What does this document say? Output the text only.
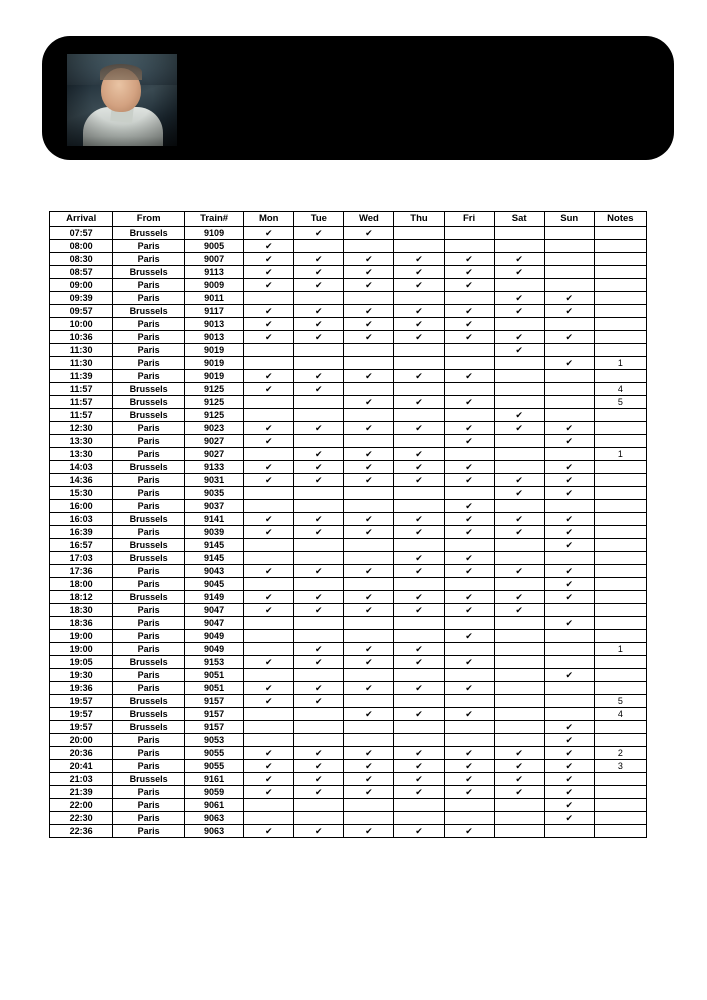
Arrival	From	Train#	Mon	Tue	Wed	Thu	Fri	Sat	Sun	Notes
07:57	Brussels	9109	✔	✔	✔					
08:00	Paris	9005	✔							
08:30	Paris	9007	✔	✔	✔	✔	✔	✔		
08:57	Brussels	9113	✔	✔	✔	✔	✔	✔		
09:00	Paris	9009	✔	✔	✔	✔	✔			
09:39	Paris	9011						✔	✔	
09:57	Brussels	9117	✔	✔	✔	✔	✔	✔	✔	
10:00	Paris	9013	✔	✔	✔	✔	✔			
10:36	Paris	9013	✔	✔	✔	✔	✔	✔	✔	
11:30	Paris	9019						✔		
11:30	Paris	9019							✔	1
11:39	Paris	9019	✔	✔	✔	✔	✔			
11:57	Brussels	9125	✔	✔						4
11:57	Brussels	9125			✔	✔	✔			5
11:57	Brussels	9125						✔		
12:30	Paris	9023	✔	✔	✔	✔	✔	✔	✔	
13:30	Paris	9027	✔				✔		✔	
13:30	Paris	9027		✔	✔	✔				1
14:03	Brussels	9133	✔	✔	✔	✔	✔		✔	
14:36	Paris	9031	✔	✔	✔	✔	✔	✔	✔	
15:30	Paris	9035						✔	✔	
16:00	Paris	9037					✔			
16:03	Brussels	9141	✔	✔	✔	✔	✔	✔	✔	
16:39	Paris	9039	✔	✔	✔	✔	✔	✔	✔	
16:57	Brussels	9145							✔	
17:03	Brussels	9145				✔	✔			
17:36	Paris	9043	✔	✔	✔	✔	✔	✔	✔	
18:00	Paris	9045							✔	
18:12	Brussels	9149	✔	✔	✔	✔	✔	✔	✔	
18:30	Paris	9047	✔	✔	✔	✔	✔	✔		
18:36	Paris	9047							✔	
19:00	Paris	9049					✔			
19:00	Paris	9049		✔	✔	✔				1
19:05	Brussels	9153	✔	✔	✔	✔	✔			
19:30	Paris	9051							✔	
19:36	Paris	9051	✔	✔	✔	✔	✔			
19:57	Brussels	9157	✔	✔						5
19:57	Brussels	9157			✔	✔	✔			4
19:57	Brussels	9157							✔	
20:00	Paris	9053							✔	
20:36	Paris	9055	✔	✔	✔	✔	✔	✔	✔	2
20:41	Paris	9055	✔	✔	✔	✔	✔	✔	✔	3
21:03	Brussels	9161	✔	✔	✔	✔	✔	✔	✔	
21:39	Paris	9059	✔	✔	✔	✔	✔	✔	✔	
22:00	Paris	9061							✔	
22:30	Paris	9063							✔	
22:36	Paris	9063	✔	✔	✔	✔	✔			
